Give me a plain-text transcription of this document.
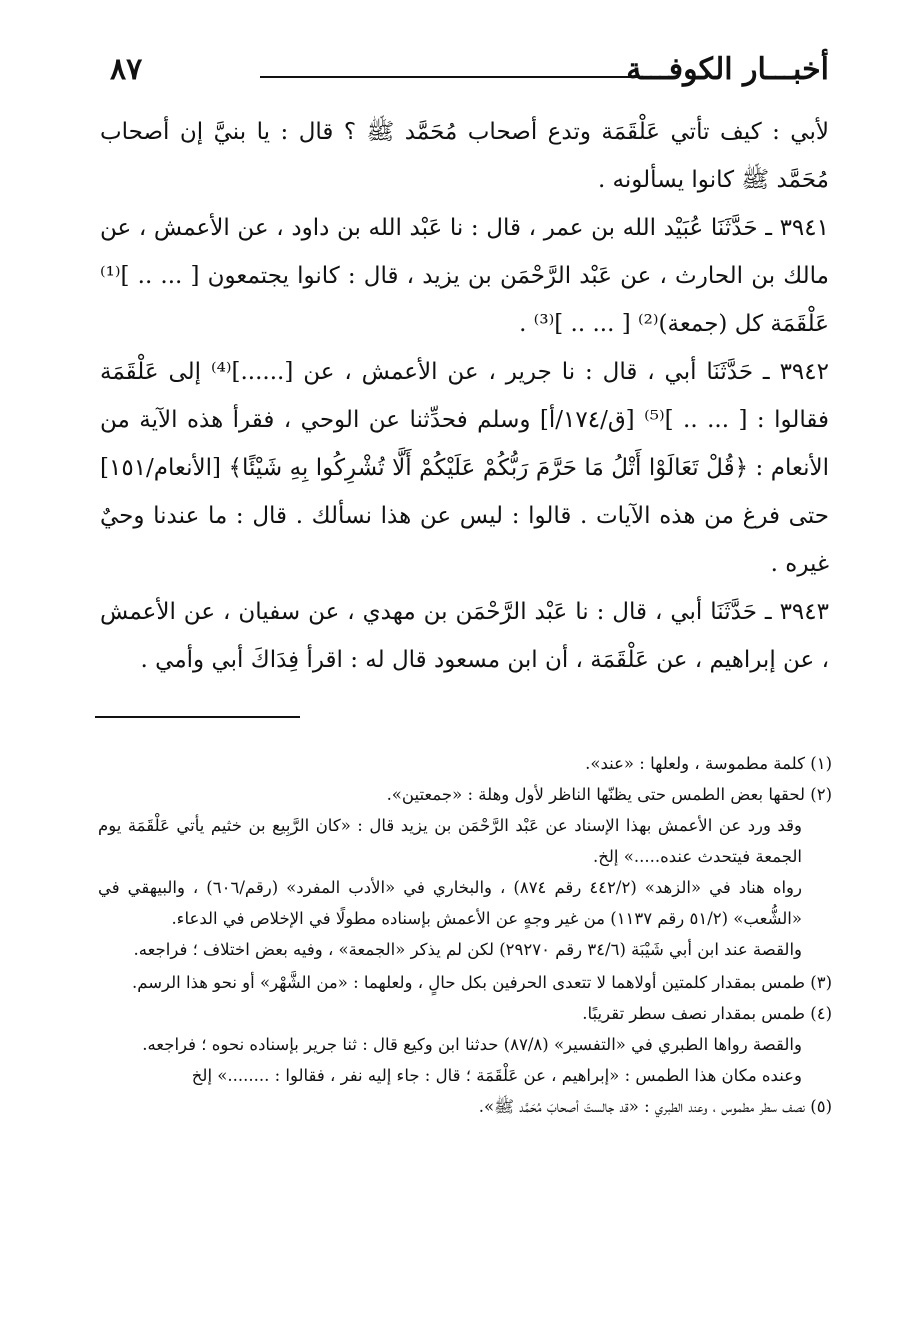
أخبـــار الكوفـــة
٨٧

لأبي : كيف تأتي عَلْقَمَة وتدع أصحاب مُحَمَّد ﷺ ؟ قال : يا بنيَّ إن أصحاب مُحَمَّد ﷺ كانوا يسألونه .

٣٩٤١ ـ حَدَّثَنَا عُبَيْد الله بن عمر ، قال : نا عَبْد الله بن داود ، عن الأعمش ، عن مالك بن الحارث ، عن عَبْد الرَّحْمَن بن يزيد ، قال : كانوا يجتمعون [ ... .. ]⁽¹⁾ عَلْقَمَة كل (جمعة)⁽²⁾ [ ... .. ]⁽³⁾ .

٣٩٤٢ ـ حَدَّثَنَا أبي ، قال : نا جرير ، عن الأعمش ، عن [......]⁽⁴⁾ إلى عَلْقَمَة فقالوا : [ ... .. ]⁽⁵⁾ [ق/١٧٤/أ] وسلم فحدِّثنا عن الوحي ، فقرأ هذه الآية من الأنعام : ﴿قُلْ تَعَالَوْا أَتْلُ مَا حَرَّمَ رَبُّكُمْ عَلَيْكُمْ أَلَّا تُشْرِكُوا بِهِ شَيْئًا﴾ [الأنعام/١٥١] حتى فرغ من هذه الآيات . قالوا : ليس عن هذا نسألك . قال : ما عندنا وحيٌ غيره .

٣٩٤٣ ـ حَدَّثَنَا أبي ، قال : نا عَبْد الرَّحْمَن بن مهدي ، عن سفيان ، عن الأعمش ، عن إبراهيم ، عن عَلْقَمَة ، أن ابن مسعود قال له : اقرأ فِدَاكَ أبي وأمي .

(١) كلمة مطموسة ، ولعلها : «عند».

(٢) لحقها بعض الطمس حتى يظنّها الناظر لأول وهلة : «جمعتين».

وقد ورد عن الأعمش بهذا الإسناد عن عَبْد الرَّحْمَن بن يزيد قال : «كان الرَّبِيع بن خثيم يأتي عَلْقَمَة يوم الجمعة فيتحدث عنده.....» إلخ.

رواه هناد في «الزهد» (٤٤٢/٢ رقم ٨٧٤) ، والبخاري في «الأدب المفرد» (رقم/٦٠٦) ، والبيهقي في «الشُّعب» (٥١/٢ رقم ١١٣٧) من غير وجهٍ عن الأعمش بإسناده مطولًا في الإخلاص في الدعاء.

والقصة عند ابن أبي شَيْبَة (٣٤/٦ رقم ٢٩٢٧٠) لكن لم يذكر «الجمعة» ، وفيه بعض اختلاف ؛ فراجعه.

(٣) طمس بمقدار كلمتين أولاهما لا تتعدى الحرفين بكل حالٍ ، ولعلهما : «من الشَّهْر» أو نحو هذا الرسم.

(٤) طمس بمقدار نصف سطر تقريبًا.

والقصة رواها الطبري في «التفسير» (٨٧/٨) حدثنا ابن وكيع قال : ثنا جرير بإسناده نحوه ؛ فراجعه.

وعنده مكان هذا الطمس : «إبراهيم ، عن عَلْقَمَة ؛ قال : جاء إليه نفر ، فقالوا : ........» إلخ

(٥) نصف سطر مطموس ، وعند الطبري : «قد جالستَ أصحابَ مُحَمَّد ﷺ».
